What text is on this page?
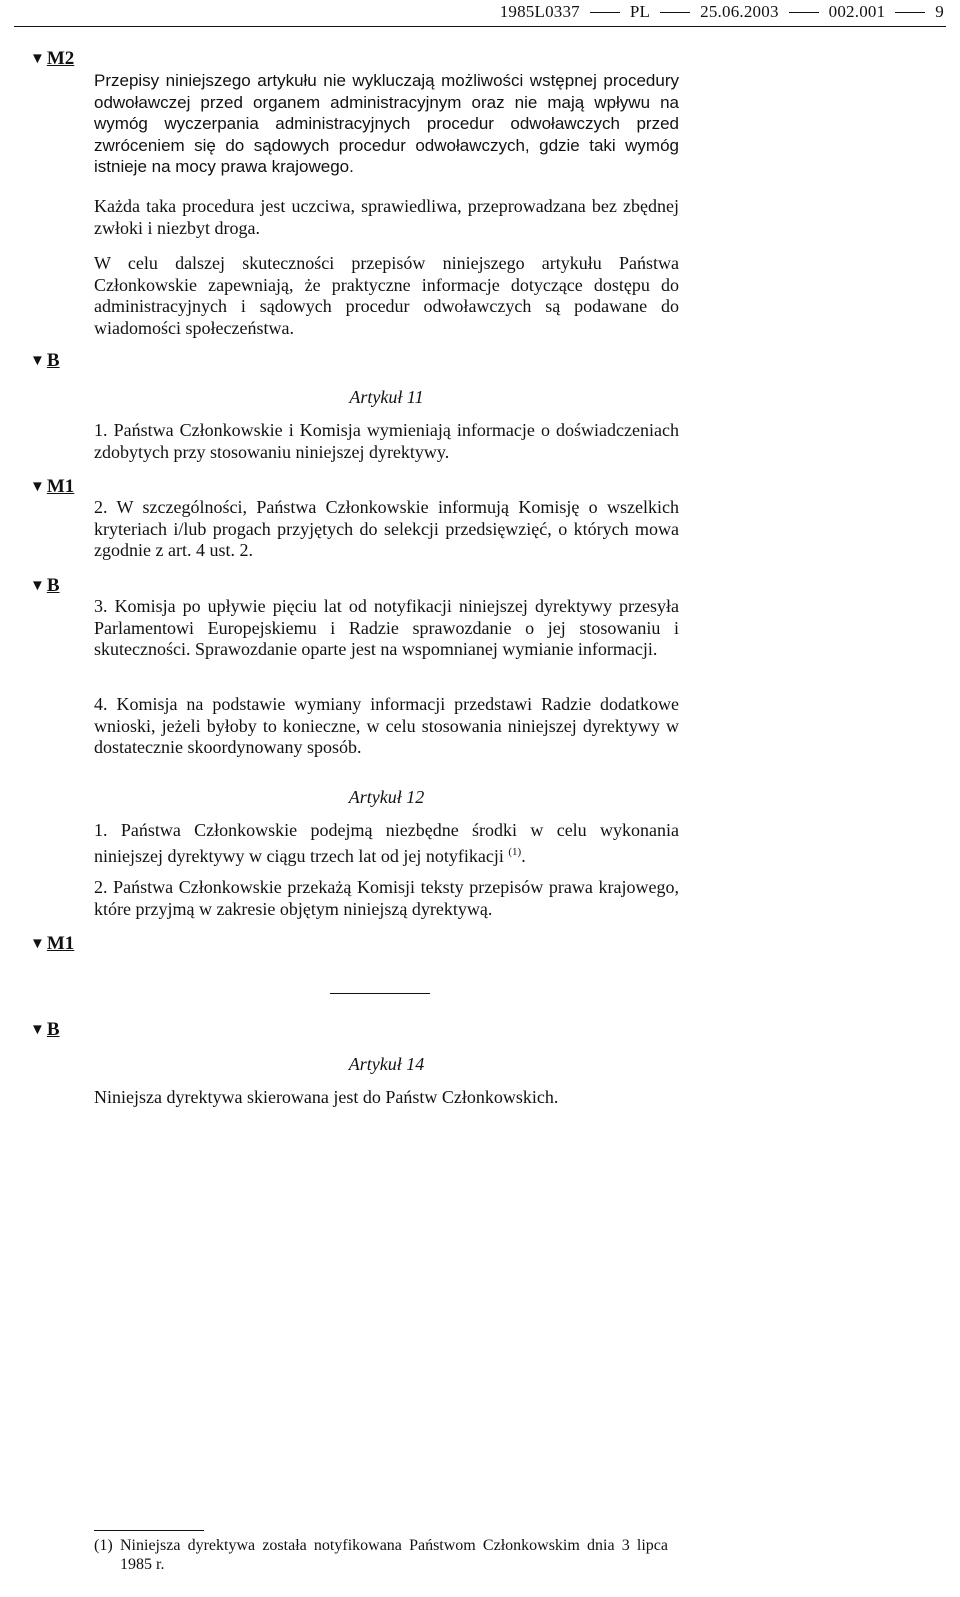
1985L0337	PL	25.06.2003	002.001	9
▼ M2
▼ B
▼ M1
▼ B
▼ M1
▼ B

Przepisy niniejszego artykułu nie wykluczają możliwości wstępnej procedury odwoławczej przed organem administracyjnym oraz nie mają wpływu na wymóg wyczerpania administracyjnych procedur odwoławczych przed zwróceniem się do sądowych procedur odwoławczych, gdzie taki wymóg istnieje na mocy prawa krajowego.

Każda taka procedura jest uczciwa, sprawiedliwa, przeprowadzana bez zbędnej zwłoki i niezbyt droga.

W celu dalszej skuteczności przepisów niniejszego artykułu Państwa Członkowskie zapewniają, że praktyczne informacje dotyczące dostępu do administracyjnych i sądowych procedur odwoławczych są podawane do wiadomości społeczeństwa.

Artykuł 11

1. Państwa Członkowskie i Komisja wymieniają informacje o doświadczeniach zdobytych przy stosowaniu niniejszej dyrektywy.

2. W szczególności, Państwa Członkowskie informują Komisję o wszelkich kryteriach i/lub progach przyjętych do selekcji przedsięwzięć, o których mowa zgodnie z art. 4 ust. 2.

3. Komisja po upływie pięciu lat od notyfikacji niniejszej dyrektywy przesyła Parlamentowi Europejskiemu i Radzie sprawozdanie o jej stosowaniu i skuteczności. Sprawozdanie oparte jest na wspomnianej wymianie informacji.

4. Komisja na podstawie wymiany informacji przedstawi Radzie dodatkowe wnioski, jeżeli byłoby to konieczne, w celu stosowania niniejszej dyrektywy w dostatecznie skoordynowany sposób.

Artykuł 12

1. Państwa Członkowskie podejmą niezbędne środki w celu wykonania niniejszej dyrektywy w ciągu trzech lat od jej notyfikacji $^{(1)}$.

2. Państwa Członkowskie przekażą Komisji teksty przepisów prawa krajowego, które przyjmą w zakresie objętym niniejszą dyrektywą.

Artykuł 14

Niniejsza dyrektywa skierowana jest do Państw Członkowskich.

(1) Niniejsza dyrektywa została notyfikowana Państwom Członkowskim dnia 3 lipca 1985 r.
